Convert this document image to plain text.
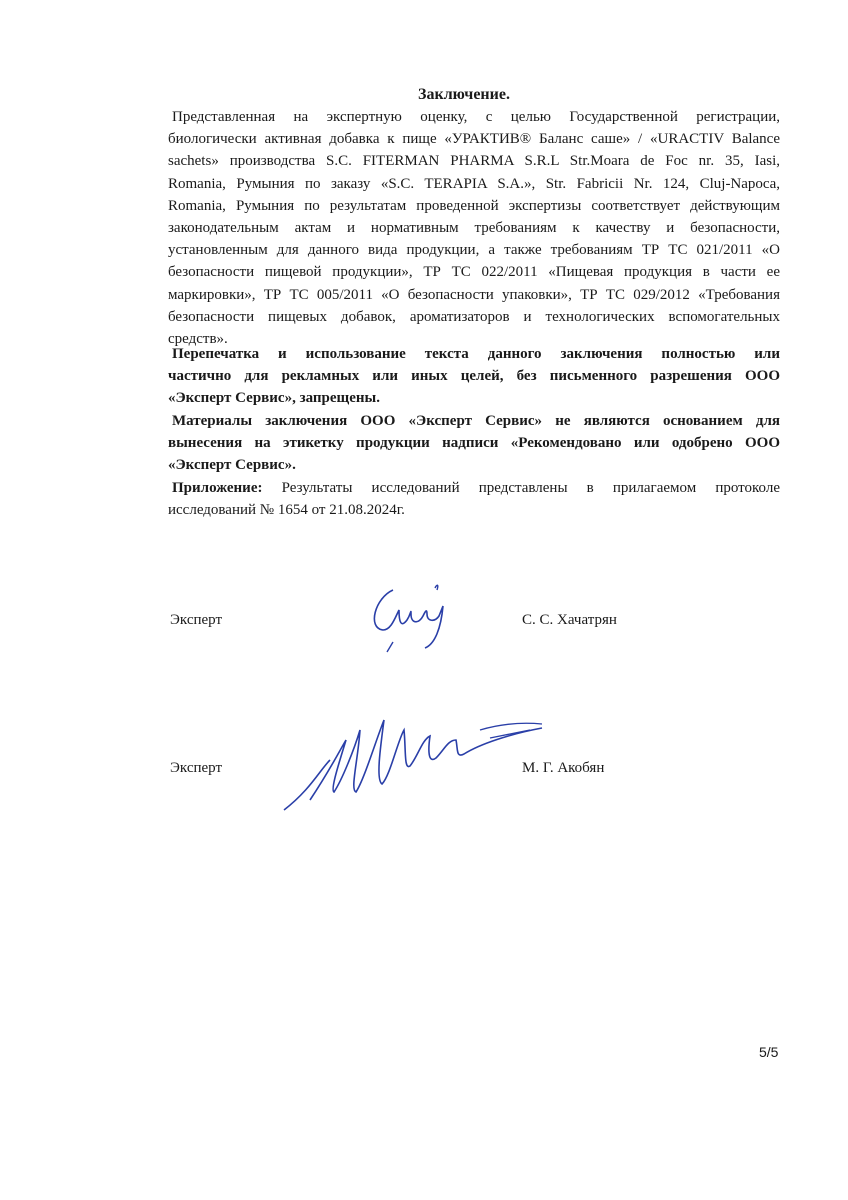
Заключение.
Представленная на экспертную оценку, с целью Государственной регистрации,
биологически активная добавка к пище «УРАКТИВ® Баланс саше» / «URACTIV Balance
sachets» производства S.C. FITERMAN PHARMA S.R.L Str.Moara de Foc nr. 35, Iasi,
Romania, Румыния по заказу «S.C. TERAPIA S.A.», Str. Fabricii Nr. 124, Cluj-Napoca,
Romania, Румыния по результатам проведенной экспертизы соответствует действующим
законодательным актам и нормативным требованиям к качеству и безопасности,
установленным для данного вида продукции, а также требованиям ТР ТС 021/2011 «О
безопасности пищевой продукции», ТР ТС 022/2011 «Пищевая продукция в части ее
маркировки», ТР ТС 005/2011 «О безопасности упаковки», ТР ТС 029/2012 «Требования
безопасности пищевых добавок, ароматизаторов и технологических вспомогательных
средств».
Перепечатка и использование текста данного заключения полностью или
частично для рекламных или иных целей, без письменного разрешения ООО
«Эксперт Сервис», запрещены.
Материалы заключения ООО «Эксперт Сервис» не являются основанием для
вынесения на этикетку продукции надписи «Рекомендовано или одобрено ООО
«Эксперт Сервис».
Приложение: Результаты исследований представлены в прилагаемом протоколе
исследований № 1654 от 21.08.2024г.
Эксперт	С. С. Хачатрян
Эксперт	М. Г. Акобян
5/5
